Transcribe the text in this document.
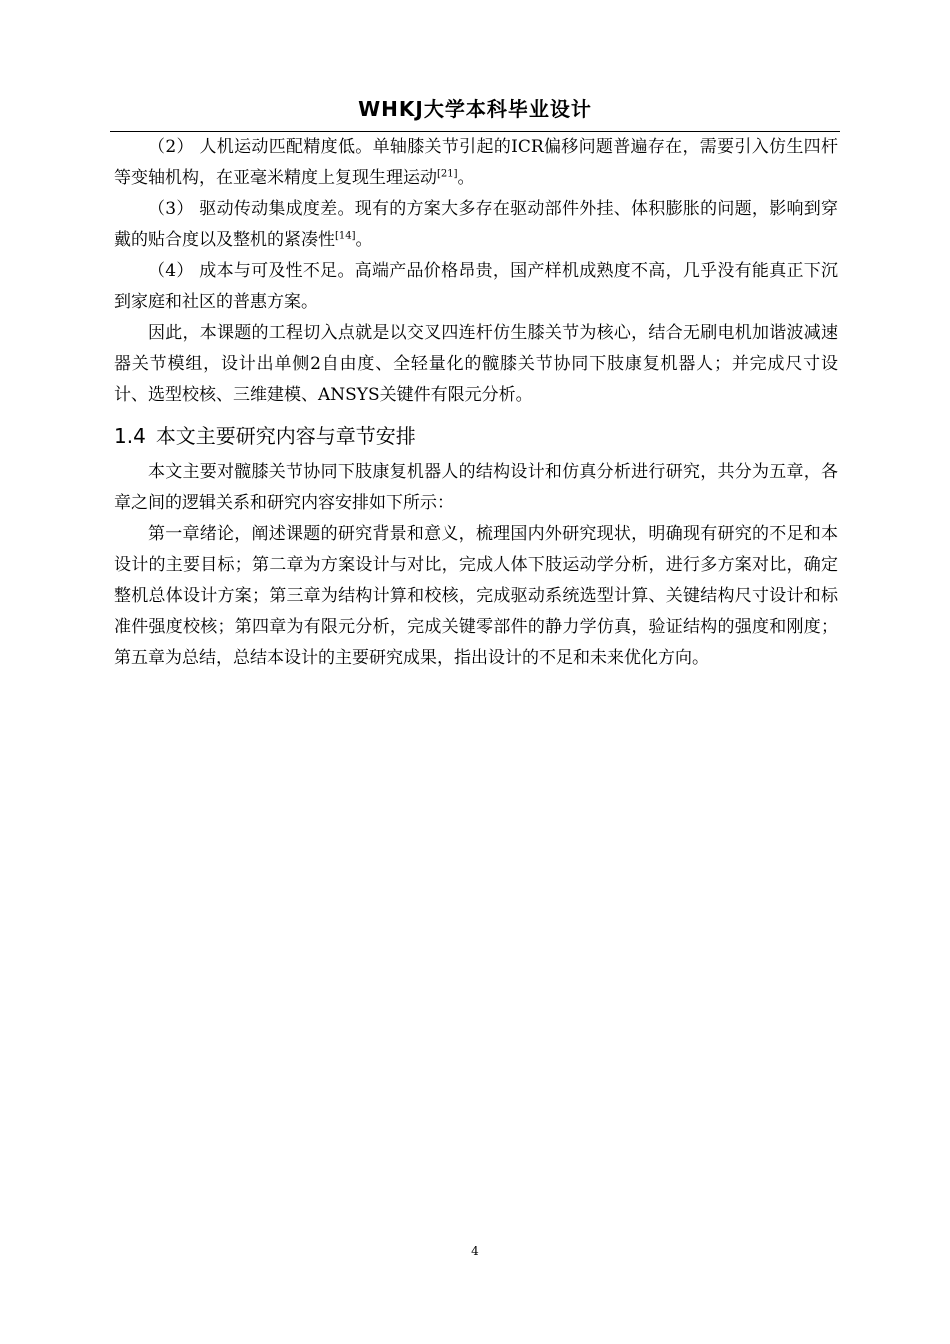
WHKJ大学本科毕业设计

（2） 人机运动匹配精度低。单轴膝关节引起的ICR偏移问题普遍存在，需要引入仿生四杆等变轴机构，在亚毫米精度上复现生理运动[21]。

（3） 驱动传动集成度差。现有的方案大多存在驱动部件外挂、体积膨胀的问题，影响到穿戴的贴合度以及整机的紧凑性[14]。

（4） 成本与可及性不足。高端产品价格昂贵，国产样机成熟度不高，几乎没有能真正下沉到家庭和社区的普惠方案。

因此，本课题的工程切入点就是以交叉四连杆仿生膝关节为核心，结合无刷电机加谐波减速器关节模组，设计出单侧2自由度、全轻量化的髋膝关节协同下肢康复机器人；并完成尺寸设计、选型校核、三维建模、ANSYS关键件有限元分析。

1.4 本文主要研究内容与章节安排

本文主要对髋膝关节协同下肢康复机器人的结构设计和仿真分析进行研究，共分为五章，各章之间的逻辑关系和研究内容安排如下所示：

第一章绪论，阐述课题的研究背景和意义，梳理国内外研究现状，明确现有研究的不足和本设计的主要目标；第二章为方案设计与对比，完成人体下肢运动学分析，进行多方案对比，确定整机总体设计方案；第三章为结构计算和校核，完成驱动系统选型计算、关键结构尺寸设计和标准件强度校核；第四章为有限元分析，完成关键零部件的静力学仿真，验证结构的强度和刚度；第五章为总结，总结本设计的主要研究成果，指出设计的不足和未来优化方向。

4
